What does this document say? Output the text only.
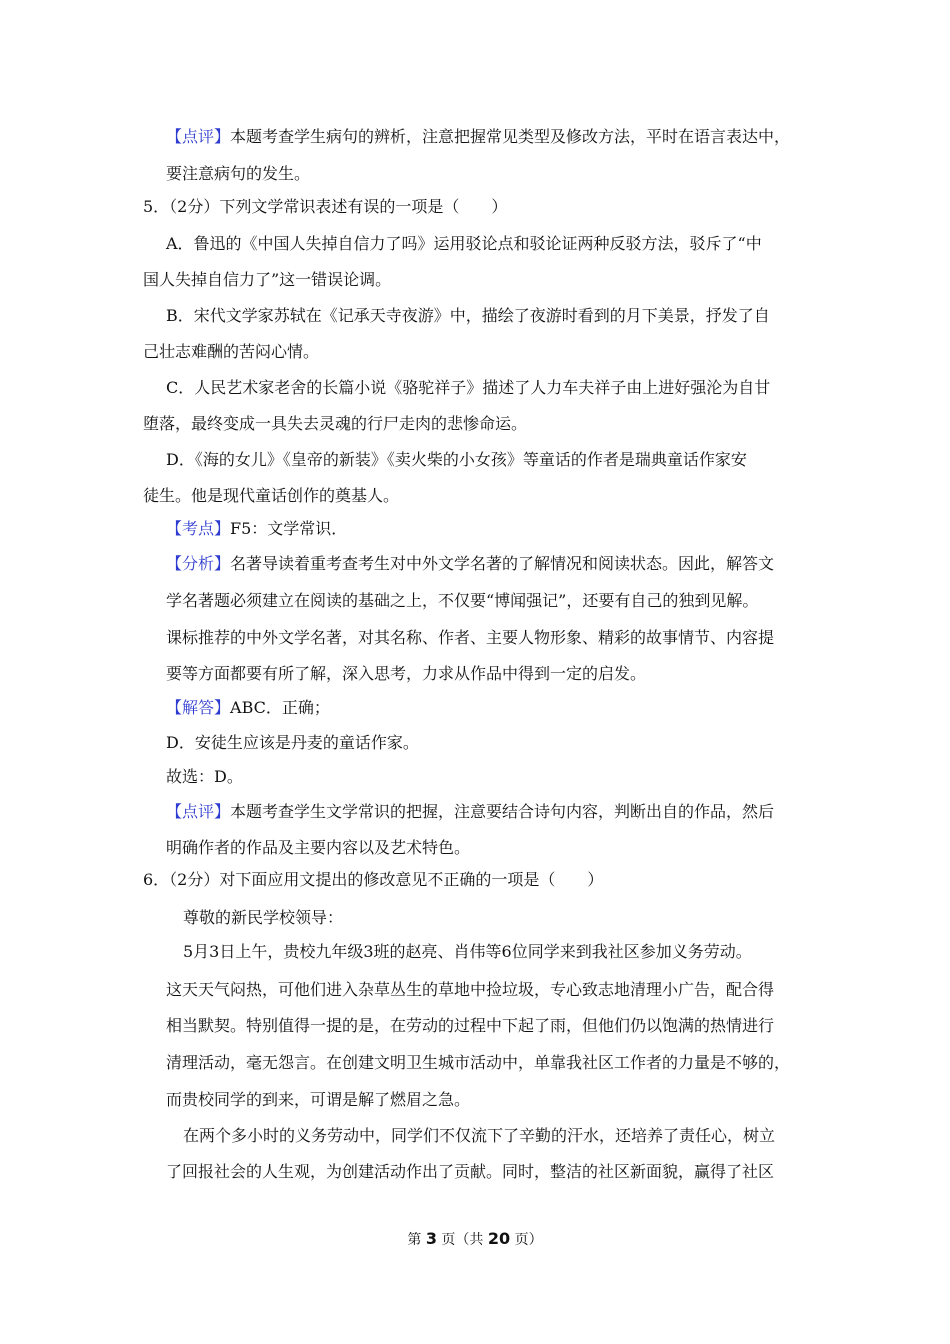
【点评】本题考查学生病句的辨析，注意把握常见类型及修改方法，平时在语言表达中，
要注意病句的发生。
5．（2分）下列文学常识表述有误的一项是（　　）
A．鲁迅的《中国人失掉自信力了吗》运用驳论点和驳论证两种反驳方法，驳斥了“中
国人失掉自信力了”这一错误论调。
B．宋代文学家苏轼在《记承天寺夜游》中，描绘了夜游时看到的月下美景，抒发了自
己壮志难酬的苦闷心情。
C．人民艺术家老舍的长篇小说《骆驼祥子》描述了人力车夫祥子由上进好强沦为自甘
堕落，最终变成一具失去灵魂的行尸走肉的悲惨命运。
D．《海的女儿》《皇帝的新装》《卖火柴的小女孩》等童话的作者是瑞典童话作家安
徒生。他是现代童话创作的奠基人。
【考点】F5：文学常识．
【分析】名著导读着重考查考生对中外文学名著的了解情况和阅读状态。因此，解答文
学名著题必须建立在阅读的基础之上，不仅要“博闻强记”，还要有自己的独到见解。
课标推荐的中外文学名著，对其名称、作者、主要人物形象、精彩的故事情节、内容提
要等方面都要有所了解，深入思考，力求从作品中得到一定的启发。
【解答】ABC．正确；
D．安徒生应该是丹麦的童话作家。
故选：D。
【点评】本题考查学生文学常识的把握，注意要结合诗句内容，判断出自的作品，然后
明确作者的作品及主要内容以及艺术特色。
6．（2分）对下面应用文提出的修改意见不正确的一项是（　　）
尊敬的新民学校领导：
5月3日上午，贵校九年级3班的赵亮、肖伟等6位同学来到我社区参加义务劳动。
这天天气闷热，可他们进入杂草丛生的草地中捡垃圾，专心致志地清理小广告，配合得
相当默契。特别值得一提的是，在劳动的过程中下起了雨，但他们仍以饱满的热情进行
清理活动，毫无怨言。在创建文明卫生城市活动中，单靠我社区工作者的力量是不够的，
而贵校同学的到来，可谓是解了燃眉之急。
在两个多小时的义务劳动中，同学们不仅流下了辛勤的汗水，还培养了责任心，树立
了回报社会的人生观，为创建活动作出了贡献。同时，整洁的社区新面貌，赢得了社区
第 3 页（共 20 页）
